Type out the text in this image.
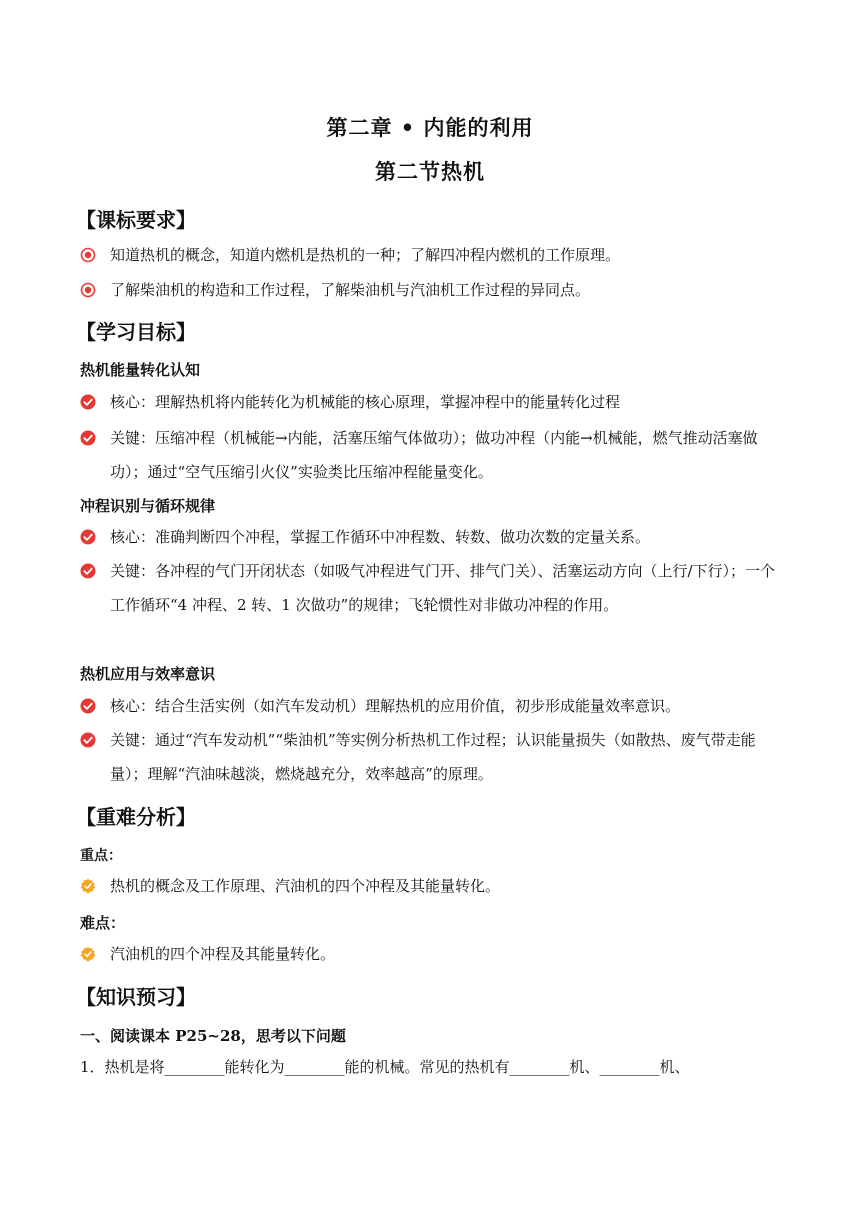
第二章 • 内能的利用
第二节热机
【课标要求】
知道热机的概念，知道内燃机是热机的一种；了解四冲程内燃机的工作原理。
了解柴油机的构造和工作过程，了解柴油机与汽油机工作过程的异同点。
【学习目标】
热机能量转化认知
核心：理解热机将内能转化为机械能的核心原理，掌握冲程中的能量转化过程
关键：压缩冲程（机械能→内能，活塞压缩气体做功）；做功冲程（内能→机械能，燃气推动活塞做功）；通过“空气压缩引火仪”实验类比压缩冲程能量变化。
冲程识别与循环规律
核心：准确判断四个冲程，掌握工作循环中冲程数、转数、做功次数的定量关系。
关键：各冲程的气门开闭状态（如吸气冲程进气门开、排气门关）、活塞运动方向（上行/下行）；一个工作循环“4 冲程、2 转、1 次做功”的规律；飞轮惯性对非做功冲程的作用。
热机应用与效率意识
核心：结合生活实例（如汽车发动机）理解热机的应用价值，初步形成能量效率意识。
关键：通过“汽车发动机”“柴油机”等实例分析热机工作过程；认识能量损失（如散热、废气带走能量）；理解“汽油味越淡，燃烧越充分，效率越高”的原理。
【重难分析】
重点：
热机的概念及工作原理、汽油机的四个冲程及其能量转化。
难点：
汽油机的四个冲程及其能量转化。
【知识预习】
一、阅读课本 P25~28，思考以下问题
1．热机是将________能转化为________能的机械。常见的热机有________机、________机、
